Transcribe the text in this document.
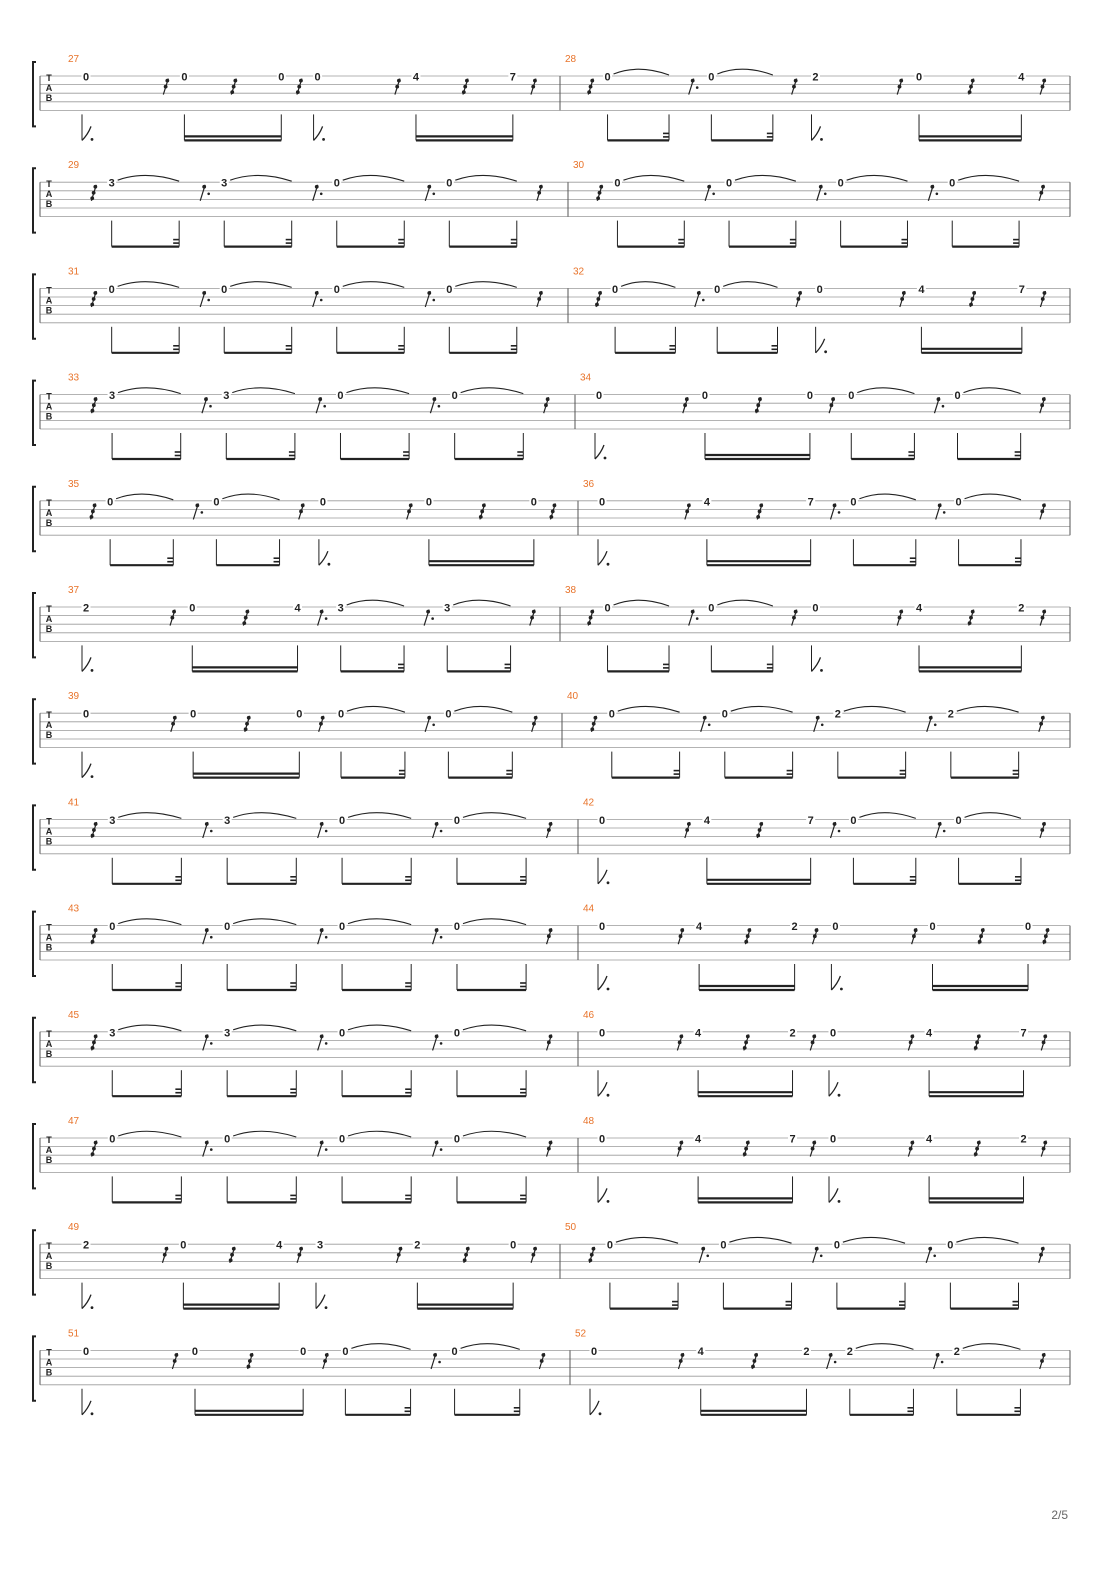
T
A
B
27
0	0	0	0	4	7
28
0	0	2	0	4
T
A
B
29
3	3	0	0
30
0	0	0	0
T
A
B
31
0	0	0	0
32
0	0	0	4	7
T
A
B
33
3	3	0	0
34
0	0	0	0	0
T
A
B
35
0	0	0	0	0
36
0	4	7	0	0
T
A
B
37
2	0	4	3	3
38
0	0	0	4	2
T
A
B
39
0	0	0	0	0
40
0	0	2	2
T
A
B
41
3	3	0	0
42
0	4	7	0	0
T
A
B
43
0	0	0	0
44
0	4	2	0	0	0
T
A
B
45
3	3	0	0
46
0	4	2	0	4	7
T
A
B
47
0	0	0	0
48
0	4	7	0	4	2
T
A
B
49
2	0	4	3	2	0
50
0	0	0	0
T
A
B
51
0	0	0	0	0
52
0	4	2	2	2
2/5
